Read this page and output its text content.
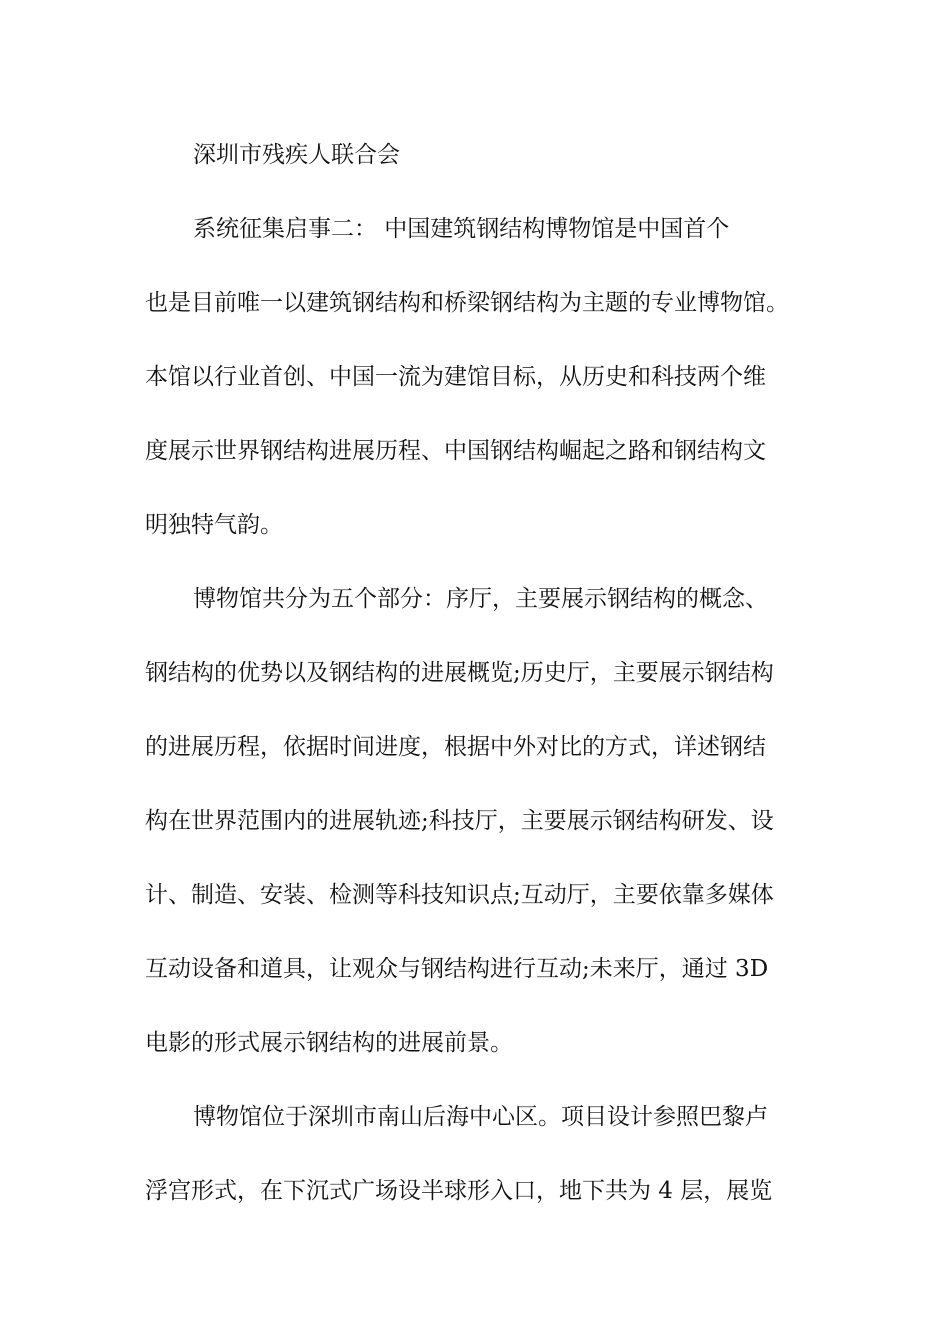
深圳市残疾人联合会
系统征集启事二： 中国建筑钢结构博物馆是中国首个
也是目前唯一以建筑钢结构和桥梁钢结构为主题的专业博物馆。
本馆以行业首创、中国一流为建馆目标，从历史和科技两个维
度展示世界钢结构进展历程、中国钢结构崛起之路和钢结构文
明独特气韵。
博物馆共分为五个部分：序厅，主要展示钢结构的概念、
钢结构的优势以及钢结构的进展概览;历史厅，主要展示钢结构
的进展历程，依据时间进度，根据中外对比的方式，详述钢结
构在世界范围内的进展轨迹;科技厅，主要展示钢结构研发、设
计、制造、安装、检测等科技知识点;互动厅，主要依靠多媒体
互动设备和道具，让观众与钢结构进行互动;未来厅，通过 3D
电影的形式展示钢结构的进展前景。
博物馆位于深圳市南山后海中心区。项目设计参照巴黎卢
浮宫形式，在下沉式广场设半球形入口，地下共为 4 层，展览
